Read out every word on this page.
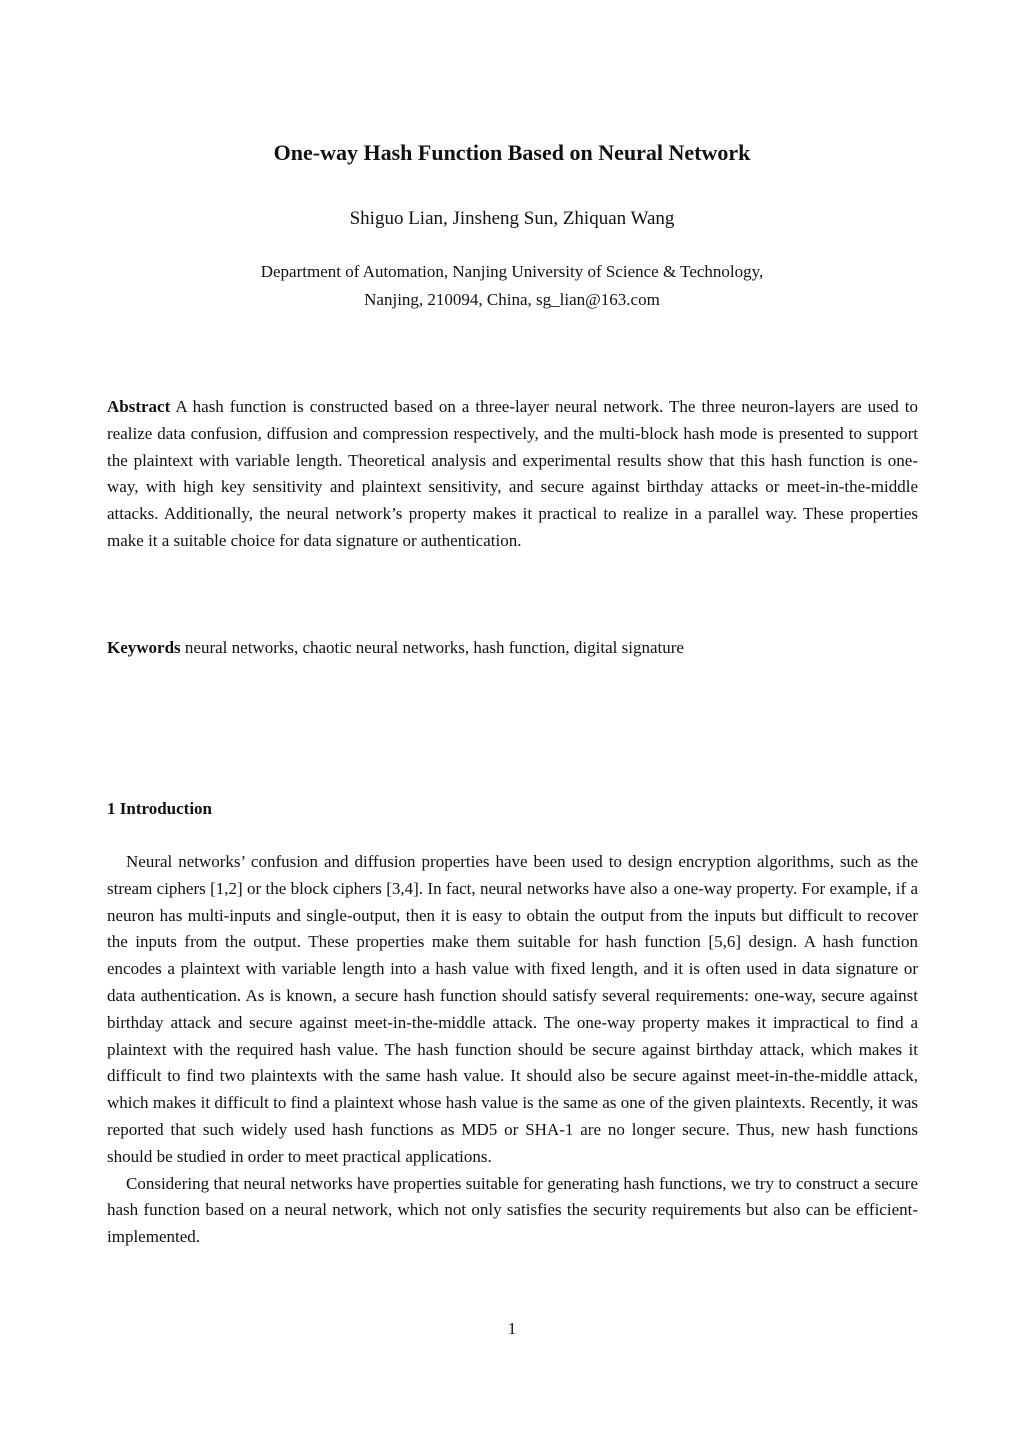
One-way Hash Function Based on Neural Network
Shiguo Lian, Jinsheng Sun, Zhiquan Wang
Department of Automation, Nanjing University of Science & Technology,
Nanjing, 210094, China, sg_lian@163.com
Abstract A hash function is constructed based on a three-layer neural network. The three neuron-layers are used to realize data confusion, diffusion and compression respectively, and the multi-block hash mode is presented to support the plaintext with variable length. Theoretical analysis and experimental results show that this hash function is one-way, with high key sensitivity and plaintext sensitivity, and secure against birthday attacks or meet-in-the-middle attacks. Additionally, the neural network’s property makes it practical to realize in a parallel way. These properties make it a suitable choice for data signature or authentication.
Keywords neural networks, chaotic neural networks, hash function, digital signature
1 Introduction

Neural networks’ confusion and diffusion properties have been used to design encryption algorithms, such as the stream ciphers [1,2] or the block ciphers [3,4]. In fact, neural networks have also a one-way property. For example, if a neuron has multi-inputs and single-output, then it is easy to obtain the output from the inputs but difficult to recover the inputs from the output. These properties make them suitable for hash function [5,6] design. A hash function encodes a plaintext with variable length into a hash value with fixed length, and it is often used in data signature or data authentication. As is known, a secure hash function should satisfy several requirements: one-way, secure against birthday attack and secure against meet-in-the-middle attack. The one-way property makes it impractical to find a plaintext with the required hash value. The hash function should be secure against birthday attack, which makes it difficult to find two plaintexts with the same hash value. It should also be secure against meet-in-the-middle attack, which makes it difficult to find a plaintext whose hash value is the same as one of the given plaintexts. Recently, it was reported that such widely used hash functions as MD5 or SHA-1 are no longer secure. Thus, new hash functions should be studied in order to meet practical applications.

Considering that neural networks have properties suitable for generating hash functions, we try to construct a secure hash function based on a neural network, which not only satisfies the security requirements but also can be efficient-implemented.

1
